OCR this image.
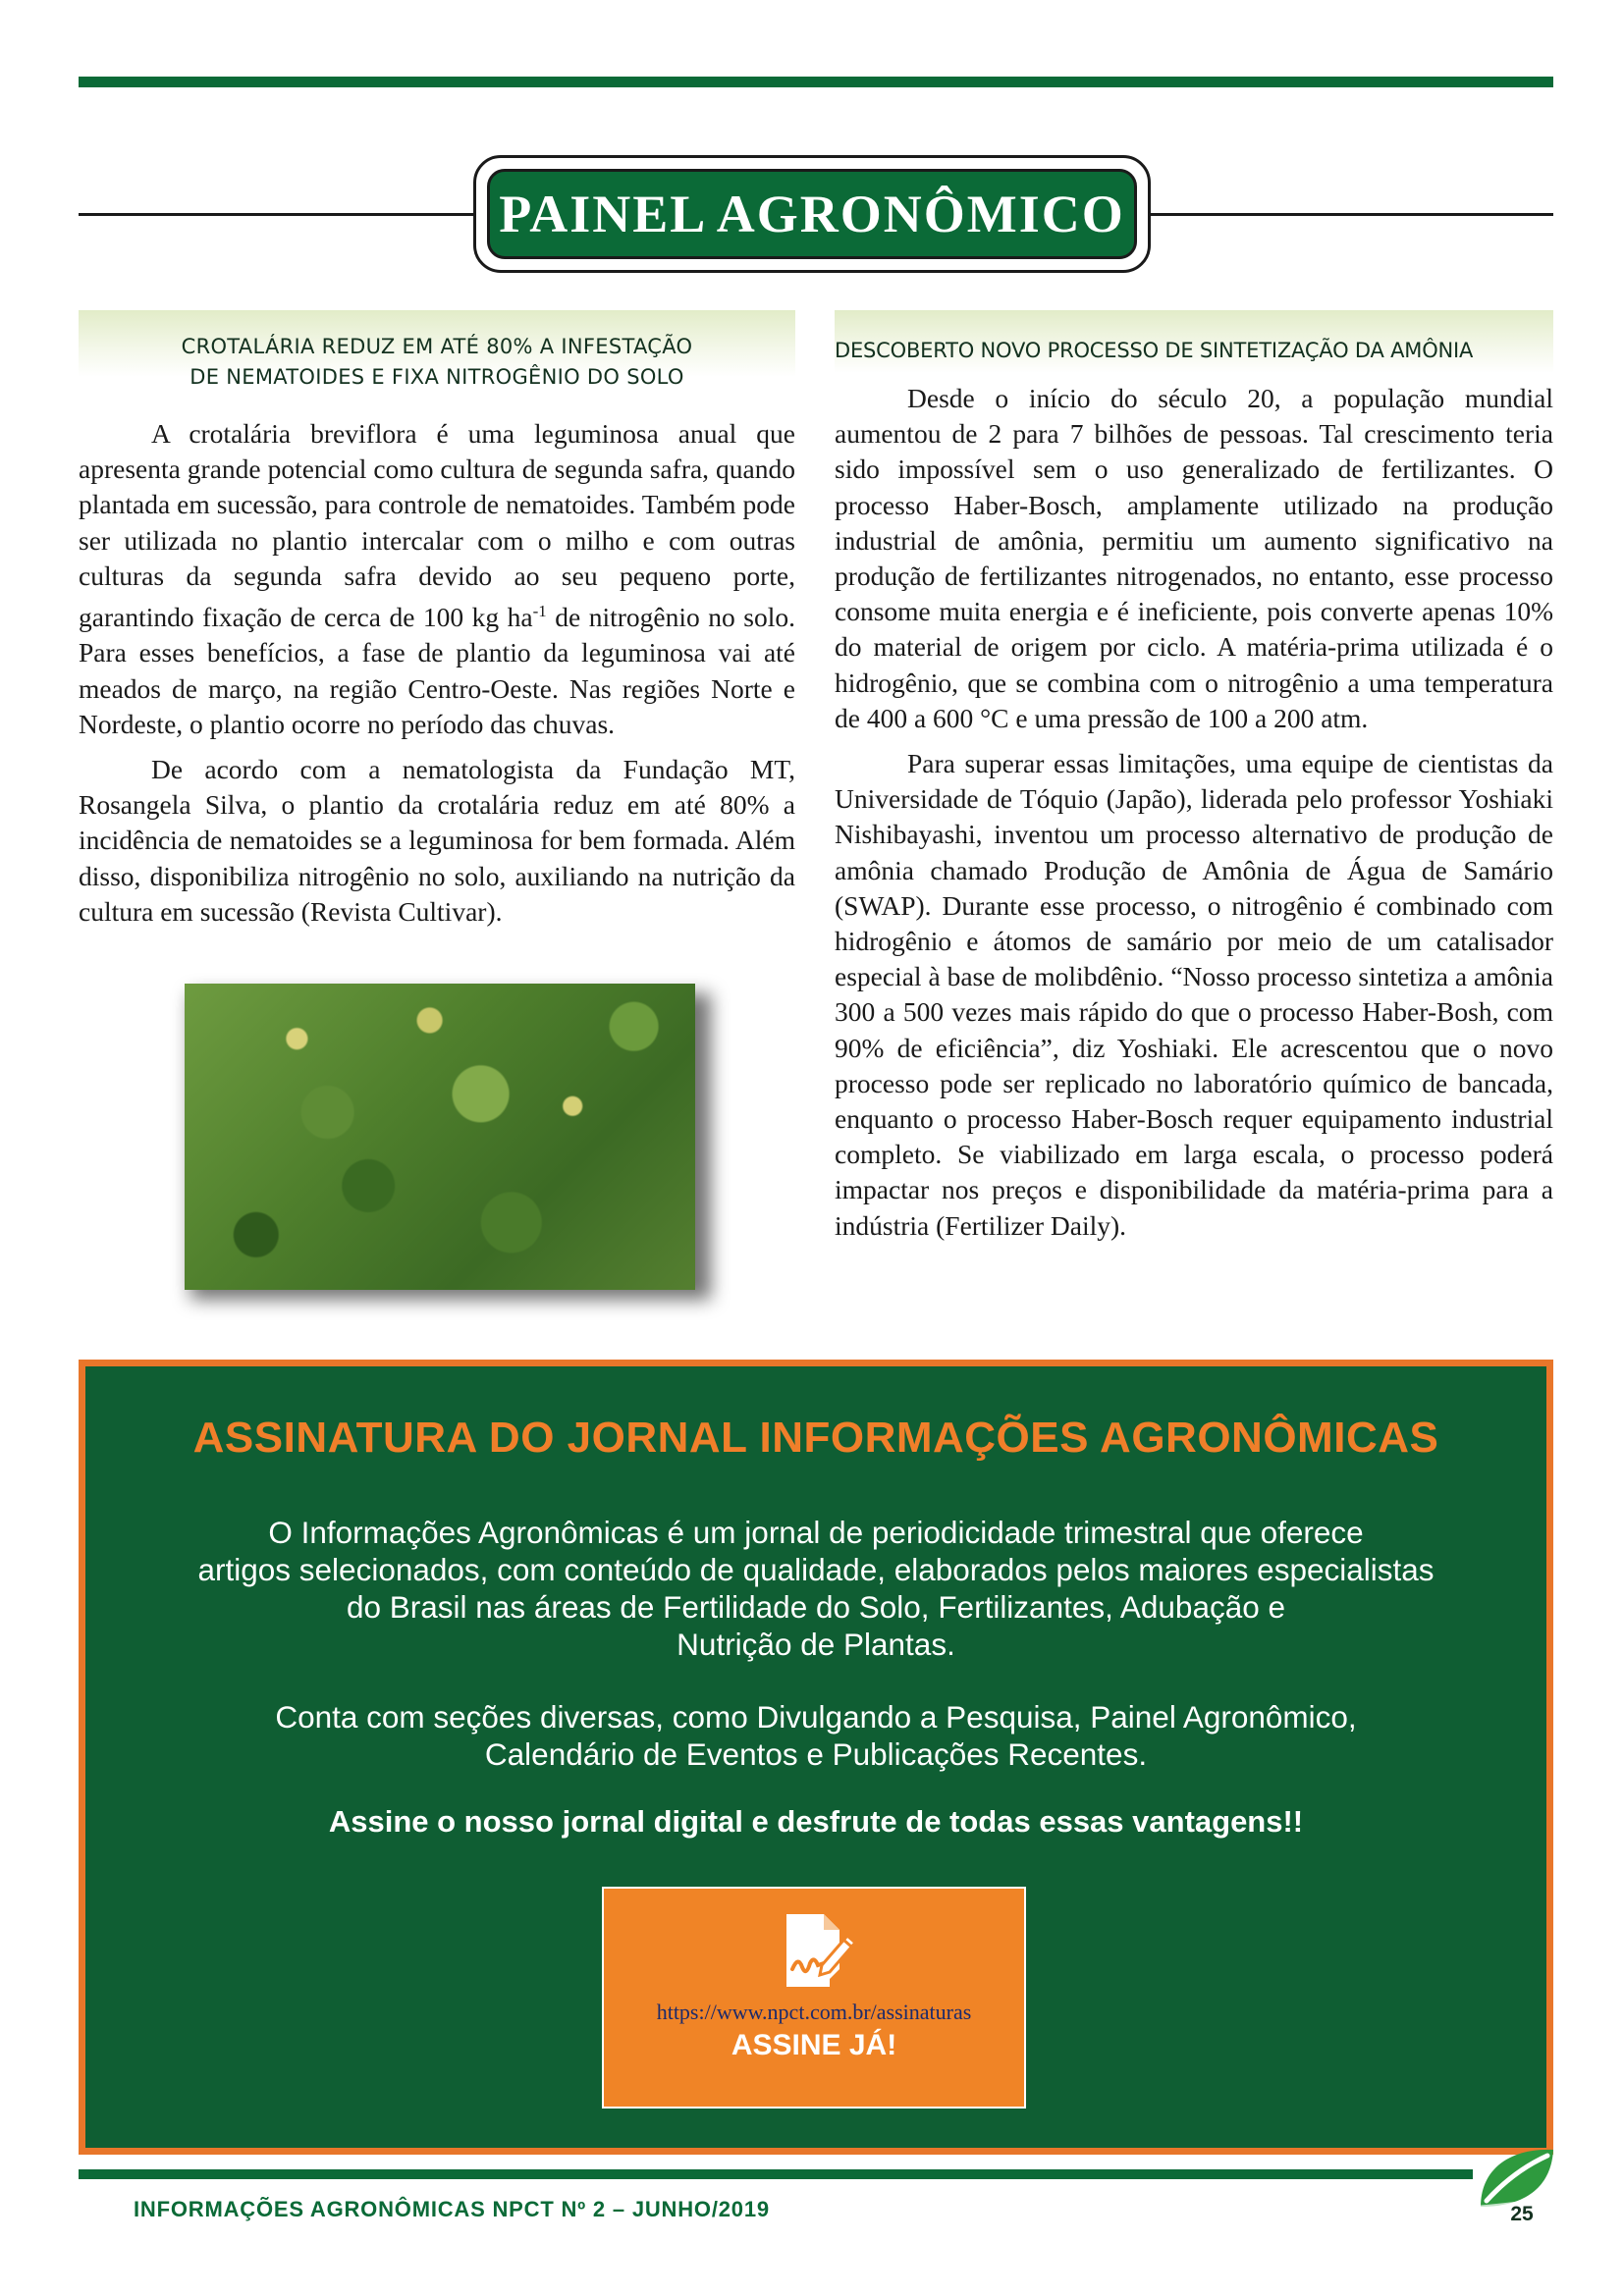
PAINEL AGRONÔMICO
CROTALÁRIA REDUZ EM ATÉ 80% A INFESTAÇÃO
DE NEMATOIDES E FIXA NITROGÊNIO DO SOLO

A crotalária breviflora é uma leguminosa anual que apresenta grande potencial como cultura de segunda safra, quando plantada em sucessão, para controle de nematoides. Também pode ser utilizada no plantio intercalar com o milho e com outras culturas da segunda safra devido ao seu pequeno porte, garantindo fixação de cerca de 100 kg $ha^{-1}$ de nitrogênio no solo. Para esses benefícios, a fase de plantio da leguminosa vai até meados de março, na região Centro-Oeste. Nas regiões Norte e Nordeste, o plantio ocorre no período das chuvas.

De acordo com a nematologista da Fundação MT, Rosangela Silva, o plantio da crotalária reduz em até 80% a incidência de nematoides se a leguminosa for bem formada. Além disso, disponibiliza nitrogênio no solo, auxiliando na nutrição da cultura em sucessão (Revista Cultivar).

DESCOBERTO NOVO PROCESSO DE SINTETIZAÇÃO DA AMÔNIA

Desde o início do século 20, a população mundial aumentou de 2 para 7 bilhões de pessoas. Tal crescimento teria sido impossível sem o uso generalizado de fertilizantes. O processo Haber-Bosch, amplamente utilizado na produção industrial de amônia, permitiu um aumento significativo na produção de fertilizantes nitrogenados, no entanto, esse processo consome muita energia e é ineficiente, pois converte apenas 10% do material de origem por ciclo. A matéria-prima utilizada é o hidrogênio, que se combina com o nitrogênio a uma temperatura de 400 a 600 °C e uma pressão de 100 a 200 atm.

Para superar essas limitações, uma equipe de cientistas da Universidade de Tóquio (Japão), liderada pelo professor Yoshiaki Nishibayashi, inventou um processo alternativo de produção de amônia chamado Produção de Amônia de Água de Samário (SWAP). Durante esse processo, o nitrogênio é combinado com hidrogênio e átomos de samário por meio de um catalisador especial à base de molibdênio. “Nosso processo sintetiza a amônia 300 a 500 vezes mais rápido do que o processo Haber-Bosh, com 90% de eficiência”, diz Yoshiaki. Ele acrescentou que o novo processo pode ser replicado no laboratório químico de bancada, enquanto o processo Haber-Bosch requer equipamento industrial completo. Se viabilizado em larga escala, o processo poderá impactar nos preços e disponibilidade da matéria-prima para a indústria (Fertilizer Daily).

ASSINATURA DO JORNAL INFORMAÇÕES AGRONÔMICAS
O Informações Agronômicas é um jornal de periodicidade trimestral que oferece
artigos selecionados, com conteúdo de qualidade, elaborados pelos maiores especialistas
do Brasil nas áreas de Fertilidade do Solo, Fertilizantes, Adubação e
Nutrição de Plantas.
Conta com seções diversas, como Divulgando a Pesquisa, Painel Agronômico,
Calendário de Eventos e Publicações Recentes.
Assine o nosso jornal digital e desfrute de todas essas vantagens!!
https://www.npct.com.br/assinaturas
ASSINE JÁ!
INFORMAÇÕES AGRONÔMICAS NPCT Nº 2 – JUNHO/2019	25
